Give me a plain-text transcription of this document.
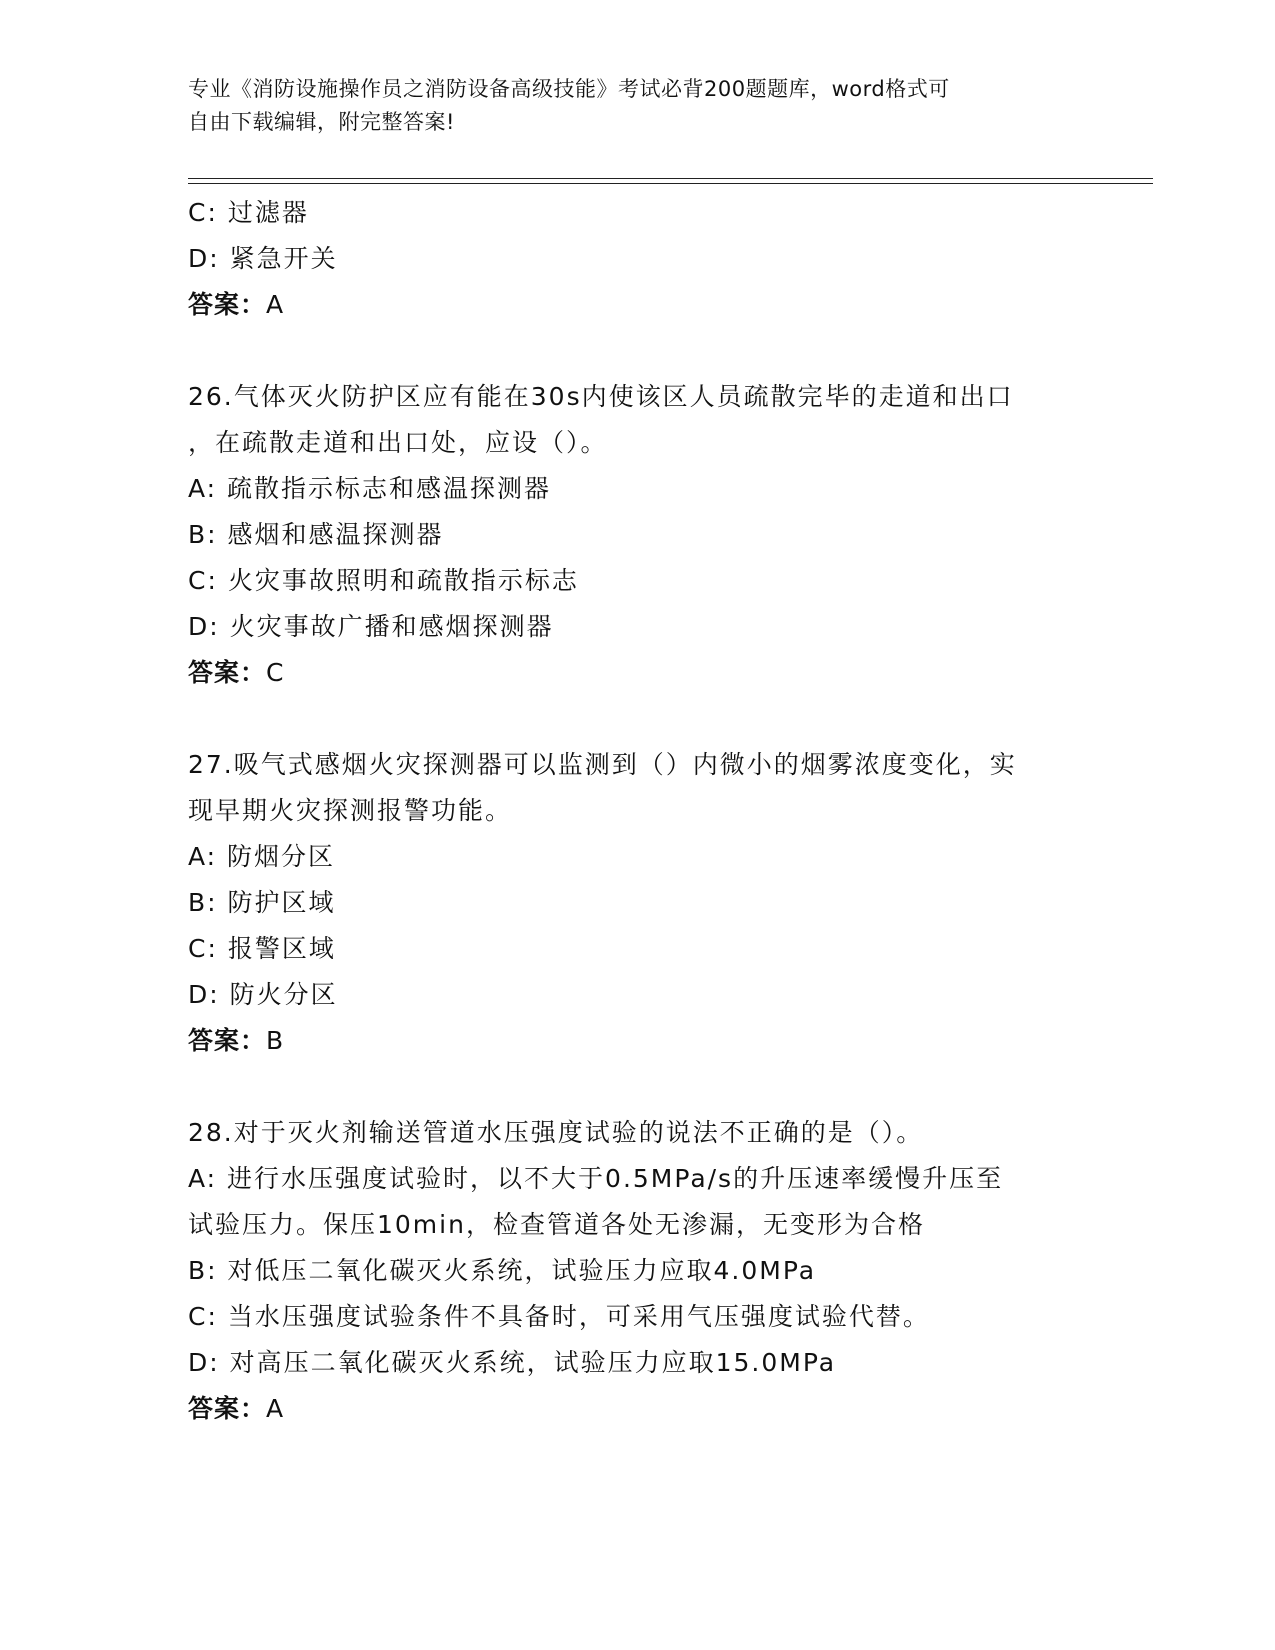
专业《消防设施操作员之消防设备高级技能》考试必背200题题库，word格式可
自由下载编辑，附完整答案!
C: 过滤器
D: 紧急开关
答案：A
26.气体灭火防护区应有能在30s内使该区人员疏散完毕的走道和出口
，在疏散走道和出口处，应设（）。
A: 疏散指示标志和感温探测器
B: 感烟和感温探测器
C: 火灾事故照明和疏散指示标志
D: 火灾事故广播和感烟探测器
答案：C
27.吸气式感烟火灾探测器可以监测到（）内微小的烟雾浓度变化，实
现早期火灾探测报警功能。
A: 防烟分区
B: 防护区域
C: 报警区域
D: 防火分区
答案：B
28.对于灭火剂输送管道水压强度试验的说法不正确的是（）。
A: 进行水压强度试验时，以不大于0.5MPa/s的升压速率缓慢升压至
试验压力。保压10min，检查管道各处无渗漏，无变形为合格
B: 对低压二氧化碳灭火系统，试验压力应取4.0MPa
C: 当水压强度试验条件不具备时，可采用气压强度试验代替。
D: 对高压二氧化碳灭火系统，试验压力应取15.0MPa
答案：A
